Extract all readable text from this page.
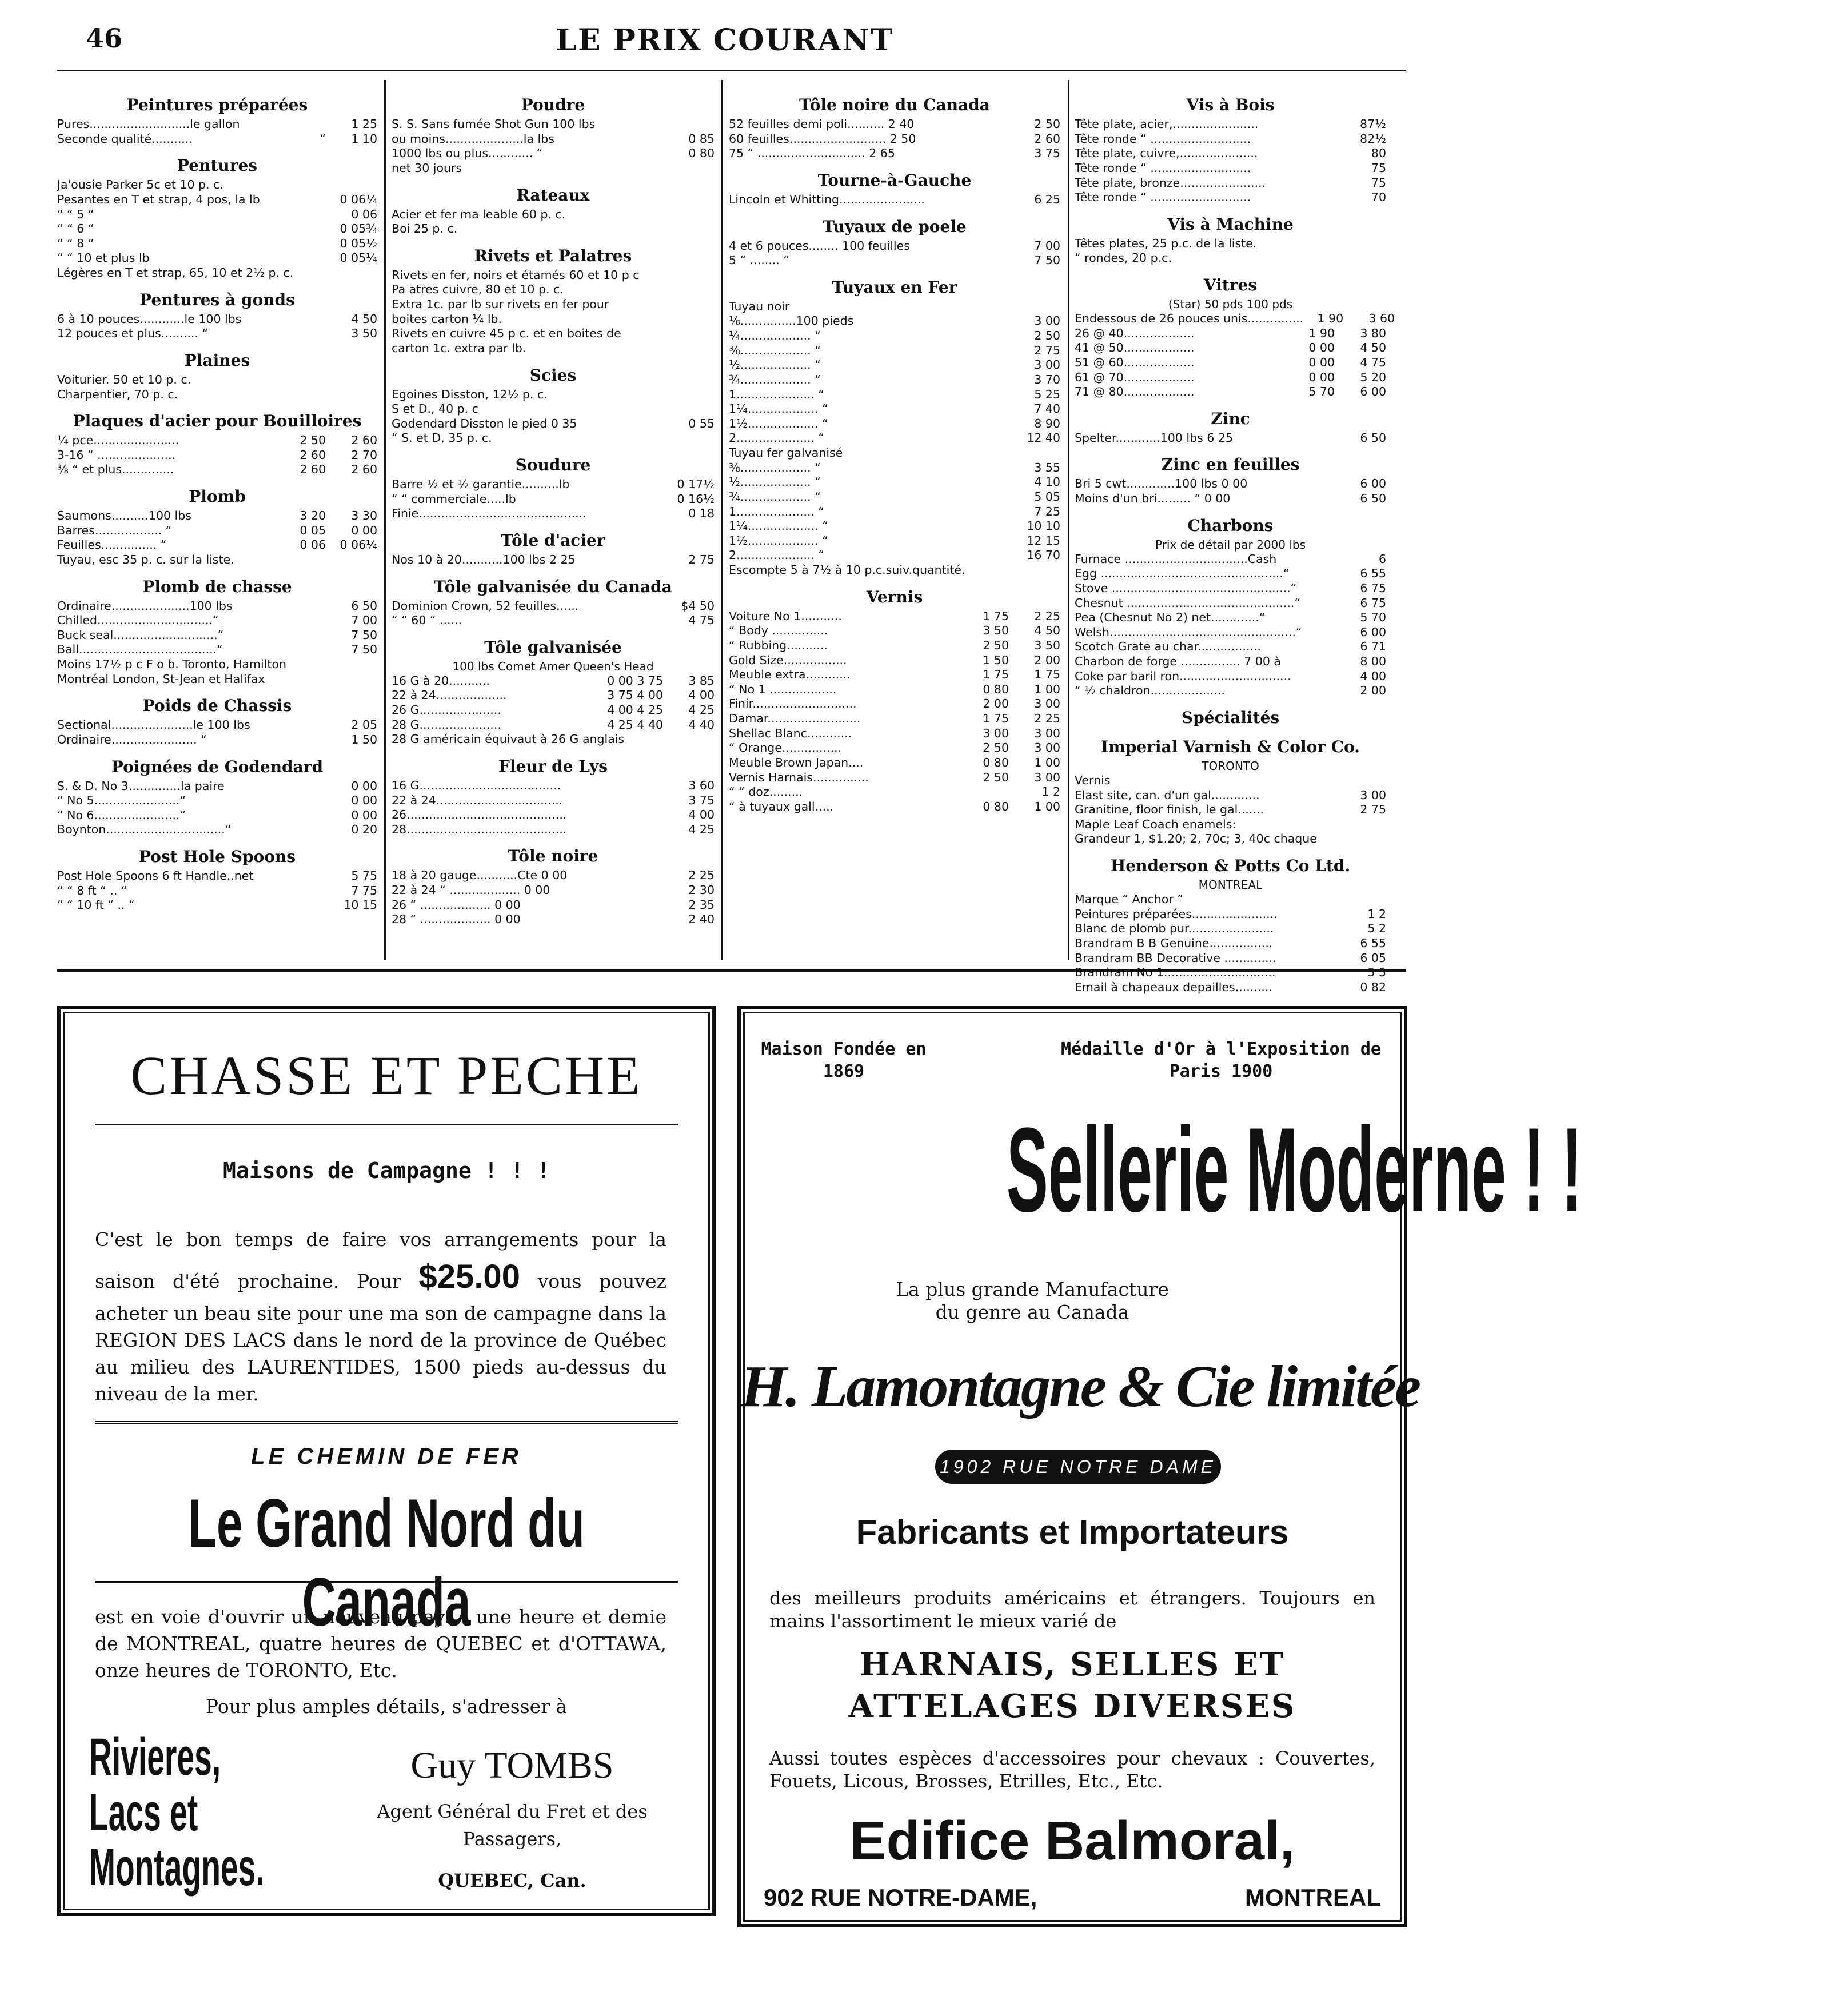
46	LE PRIX COURANT
Peintures préparées
Pures...........................le gallon	1 25
Seconde qualité...........	“	1 10
Pentures
Ja'ousie Parker 5c et 10 p. c.
Pesantes en T et strap, 4 pos, la lb	0 06¼
“ “ 5 “	0 06
“ “ 6 “	0 05¾
“ “ 8 “	0 05½
“ “ 10 et plus lb	0 05¼
Légères en T et strap, 65, 10 et 2½ p. c.
Pentures à gonds
6 à 10 pouces............le 100 lbs	4 50
12 pouces et plus.......... “	3 50
Plaines
Voiturier. 50 et 10 p. c.
Charpentier, 70 p. c.
Plaques d'acier pour Bouilloires
¼ pce.......................	2 50	2 60
3-16 “ .....................	2 60	2 70
⅜ “ et plus..............	2 60	2 60
Plomb
Saumons..........100 lbs	3 20	3 30
Barres.................. “	0 05	0 00
Feuilles............... “	0 06	0 06¼
Tuyau, esc 35 p. c. sur la liste.
Plomb de chasse
Ordinaire.....................100 lbs	6 50
Chilled...............................“	7 00
Buck seal............................“	7 50
Ball.....................................“	7 50
Moins 17½ p c F o b. Toronto, Hamilton
Montréal London, St-Jean et Halifax
Poids de Chassis
Sectional......................le 100 lbs	2 05
Ordinaire....................... “	1 50
Poignées de Godendard
S. & D. No 3..............la paire	0 00
“ No 5.......................“	0 00
“ No 6.......................“	0 00
Boynton................................“	0 20
Post Hole Spoons
Post Hole Spoons 6 ft Handle..net	5 75
“ “ 8 ft “ .. “	7 75
“ “ 10 ft “ .. “	10 15
Poudre
S. S. Sans fumée Shot Gun 100 lbs
ou moins.....................la lbs	0 85
1000 lbs ou plus............ “	0 80
net 30 jours
Rateaux
Acier et fer ma leable 60 p. c.
Boi 25 p. c.
Rivets et Palatres
Rivets en fer, noirs et étamés 60 et 10 p c
Pa atres cuivre, 80 et 10 p. c.
Extra 1c. par lb sur rivets en fer pour
boites carton ¼ lb.
Rivets en cuivre 45 p c. et en boites de
carton 1c. extra par lb.
Scies
Egoines Disston, 12½ p. c.
S et D., 40 p. c
Godendard Disston le pied 0 35	0 55
“ S. et D, 35 p. c.
Soudure
Barre ½ et ½ garantie..........lb	0 17½
“ “ commerciale.....lb	0 16½
Finie.............................................	0 18
Tôle d'acier
Nos 10 à 20...........100 lbs 2 25	2 75
Tôle galvanisée du Canada
Dominion Crown, 52 feuilles......	$4 50
“ “ 60 “ ......	4 75
Tôle galvanisée
100 lbs Comet Amer Queen's Head
16 G à 20...........	0 00 3 75	3 85
22 à 24...................	3 75 4 00	4 00
26 G......................	4 00 4 25	4 25
28 G......................	4 25 4 40	4 40
28 G américain équivaut à 26 G anglais
Fleur de Lys
16 G......................................	3 60
22 à 24..................................	3 75
26...........................................	4 00
28...........................................	4 25
Tôle noire
18 à 20 gauge...........Cte 0 00	2 25
22 à 24 “ ................... 0 00	2 30
26 “ ................... 0 00	2 35
28 “ ................... 0 00	2 40
Tôle noire du Canada
52 feuilles demi poli.......... 2 40	2 50
60 feuilles.......................... 2 50	2 60
75 “ ............................. 2 65	3 75
Tourne-à-Gauche
Lincoln et Whitting.......................	6 25
Tuyaux de poele
4 et 6 pouces........ 100 feuilles	7 00
5 “ ........ “	7 50
Tuyaux en Fer
Tuyau noir
⅛...............100 pieds	3 00
¼................... “	2 50
⅜................... “	2 75
½................... “	3 00
¾................... “	3 70
1..................... “	5 25
1¼................... “	7 40
1½................... “	8 90
2..................... “	12 40
Tuyau fer galvanisé
⅜................... “	3 55
½................... “	4 10
¾................... “	5 05
1..................... “	7 25
1¼................... “	10 10
1½................... “	12 15
2..................... “	16 70
Escompte 5 à 7½ à 10 p.c.suiv.quantité.
Vernis
Voiture No 1...........	1 75	2 25
“ Body ...............	3 50	4 50
“ Rubbing...........	2 50	3 50
Gold Size.................	1 50	2 00
Meuble extra............	1 75	1 75
“ No 1 ..................	0 80	1 00
Finir............................	2 00	3 00
Damar.........................	1 75	2 25
Shellac Blanc............	3 00	3 00
“ Orange................	2 50	3 00
Meuble Brown Japan....	0 80	1 00
Vernis Harnais...............	2 50	3 00
“ “ doz.........	1 2
“ à tuyaux gall.....	0 80	1 00
Vis à Bois
Tête plate, acier,.......................	87½
Tête ronde “ ...........................	82½
Tête plate, cuivre,.....................	80
Tête ronde “ ...........................	75
Tête plate, bronze.......................	75
Tête ronde “ ...........................	70
Vis à Machine
Têtes plates, 25 p.c. de la liste.
“ rondes, 20 p.c.
Vitres
(Star) 50 pds 100 pds
Endessous de 26 pouces unis...............	1 90	3 60
26 @ 40...................	1 90	3 80
41 @ 50...................	0 00	4 50
51 @ 60...................	0 00	4 75
61 @ 70...................	0 00	5 20
71 @ 80...................	5 70	6 00
Zinc
Spelter............100 lbs 6 25	6 50
Zinc en feuilles
Bri 5 cwt.............100 lbs 0 00	6 00
Moins d'un bri......... “ 0 00	6 50
Charbons
Prix de détail par 2000 lbs
Furnace .................................Cash	6
Egg .................................................“	6 55
Stove ................................................“	6 75
Chesnut .............................................“	6 75
Pea (Chesnut No 2) net.............“	5 70
Welsh..................................................“	6 00
Scotch Grate au char.................	6 71
Charbon de forge ................ 7 00 à	8 00
Coke par baril ron..............................	4 00
“ ½ chaldron....................	2 00
Spécialités
Imperial Varnish & Color Co.
TORONTO
Vernis
Elast site, can. d'un gal.............	3 00
Granitine, floor finish, le gal.......	2 75
Maple Leaf Coach enamels:
Grandeur 1, $1.20; 2, 70c; 3, 40c chaque
Henderson & Potts Co Ltd.
MONTREAL
Marque “ Anchor ”
Peintures préparées.......................	1 2
Blanc de plomb pur.......................	5 2
Brandram B B Genuine.................	6 55
Brandram BB Decorative ..............	6 05
Brandram No 1..............................	5 5
Email à chapeaux depailles..........	0 82
CHASSE ET PECHE
Maisons de Campagne ! ! !
C'est le bon temps de faire vos arrangements pour la saison d'été prochaine. Pour $25.00 vous pouvez acheter un beau site pour une ma son de campagne dans la REGION DES LACS dans le nord de la province de Québec au milieu des LAURENTIDES, 1500 pieds au-dessus du niveau de la mer.
LE CHEMIN DE FER
Le Grand Nord du Canada
est en voie d'ouvrir un nouveau pays : une heure et demie de MONTREAL, quatre heures de QUEBEC et d'OTTAWA, onze heures de TORONTO, Etc.
Pour plus amples détails, s'adresser à
Rivieres,
Lacs et
Montagnes.
Guy TOMBS
Agent Général du Fret et des Passagers,
QUEBEC, Can.
Maison Fondée en 1869
Médaille d'Or à l'Exposition de Paris 1900
Sellerie Moderne ! !
La plus grande Manufacture du genre au Canada
H. Lamontagne & Cie limitée
1902 RUE NOTRE DAME
Fabricants et Importateurs
des meilleurs produits américains et étrangers. Toujours en mains l'assortiment le mieux varié de
HARNAIS, SELLES ET
ATTELAGES DIVERSES
Aussi toutes espèces d'accessoires pour chevaux : Couvertes, Fouets, Licous, Brosses, Etrilles, Etc., Etc.
Edifice Balmoral,
902 RUE NOTRE-DAME,	MONTREAL
